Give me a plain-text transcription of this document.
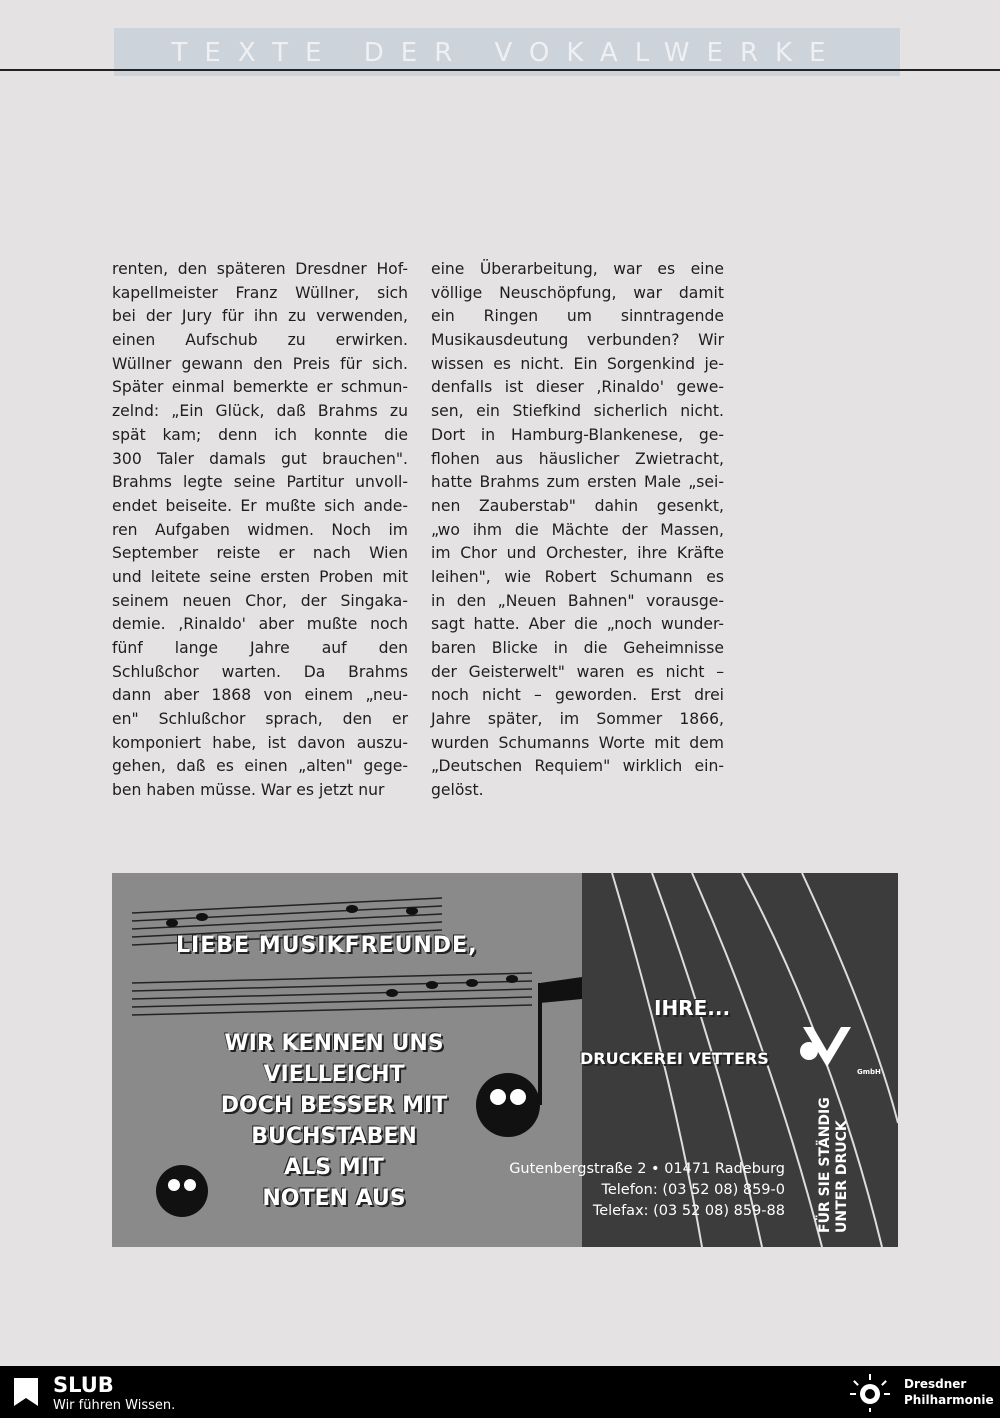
TEXTE DER VOKALWERKE
renten, den späteren Dresdner Hof-
kapellmeister Franz Wüllner, sich
bei der Jury für ihn zu verwenden,
einen Aufschub zu erwirken.
Wüllner gewann den Preis für sich.
Später einmal bemerkte er schmun-
zelnd: „Ein Glück, daß Brahms zu
spät kam; denn ich konnte die
300 Taler damals gut brauchen".
Brahms legte seine Partitur unvoll-
endet beiseite. Er mußte sich ande-
ren Aufgaben widmen. Noch im
September reiste er nach Wien
und leitete seine ersten Proben mit
seinem neuen Chor, der Singaka-
demie. ‚Rinaldo' aber mußte noch
fünf lange Jahre auf den
Schlußchor warten. Da Brahms
dann aber 1868 von einem „neu-
en" Schlußchor sprach, den er
komponiert habe, ist davon auszu-
gehen, daß es einen „alten" gege-
ben haben müsse. War es jetzt nur
eine Überarbeitung, war es eine
völlige Neuschöpfung, war damit
ein Ringen um sinntragende
Musikausdeutung verbunden? Wir
wissen es nicht. Ein Sorgenkind je-
denfalls ist dieser ‚Rinaldo' gewe-
sen, ein Stiefkind sicherlich nicht.
Dort in Hamburg-Blankenese, ge-
flohen aus häuslicher Zwietracht,
hatte Brahms zum ersten Male „sei-
nen Zauberstab" dahin gesenkt,
„wo ihm die Mächte der Massen,
im Chor und Orchester, ihre Kräfte
leihen", wie Robert Schumann es
in den „Neuen Bahnen" vorausge-
sagt hatte. Aber die „noch wunder-
baren Blicke in die Geheimnisse
der Geisterwelt" waren es nicht –
noch nicht – geworden. Erst drei
Jahre später, im Sommer 1866,
wurden Schumanns Worte mit dem
„Deutschen Requiem" wirklich ein-
gelöst.
LIEBE MUSIKFREUNDE,
WIR KENNEN UNS
VIELLEICHT
DOCH BESSER MIT
BUCHSTABEN
ALS MIT
NOTEN AUS
IHRE...
DRUCKEREI VETTERS
GmbH
FÜR SIE STÄNDIG UNTER DRUCK
Gutenbergstraße 2 • 01471 Radeburg
Telefon: (03 52 08) 859-0
Telefax: (03 52 08) 859-88
SLUB
Wir führen Wissen.
Dresdner
Philharmonie
